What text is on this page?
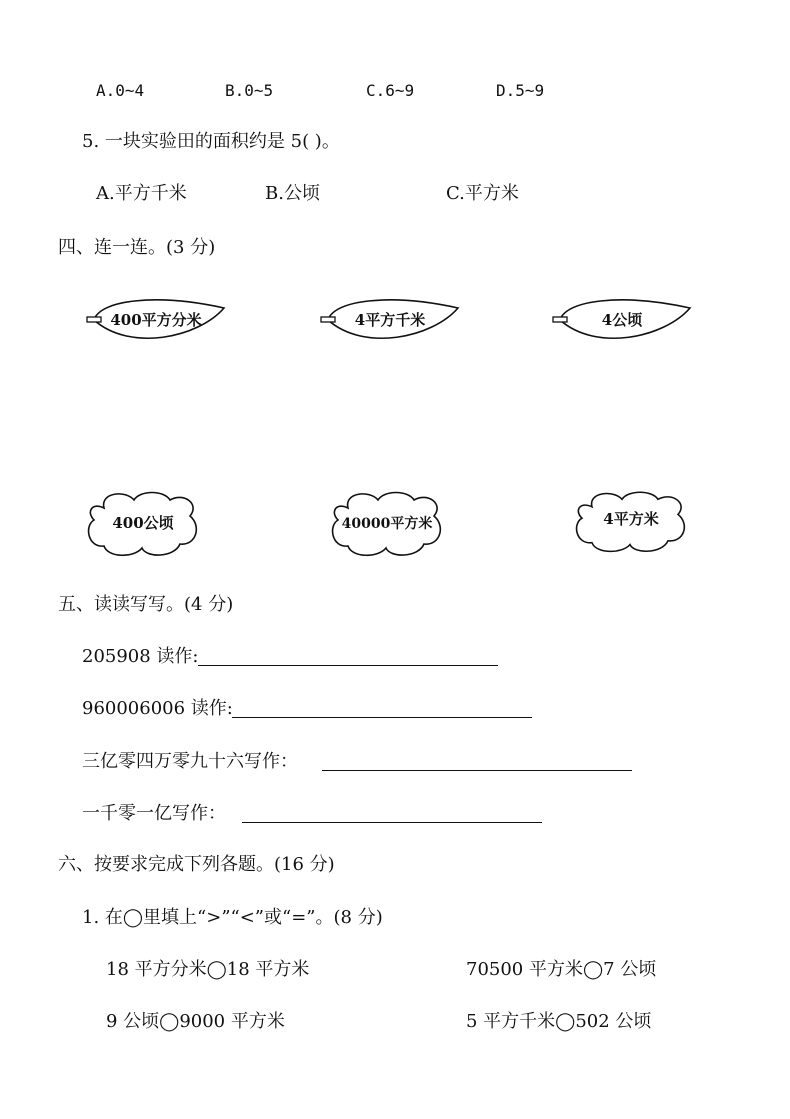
A.0~4	B.0~5	C.6~9	D.5~9
5. 一块实验田的面积约是 5( )。
A.平方千米	B.公顷	C.平方米
四、连一连。(3 分)
400平方分米	4平方千米	4公顷
400公顷	40000平方米	4平方米
五、读读写写。(4 分)
205908 读作:
960006006 读作:
三亿零四万零九十六写作：
一千零一亿写作：
六、按要求完成下列各题。(16 分)
1. 在◯里填上“>”“<”或“=”。(8 分)
18 平方分米◯18 平方米	70500 平方米◯7 公顷
9 公顷◯9000 平方米	5 平方千米◯502 公顷
